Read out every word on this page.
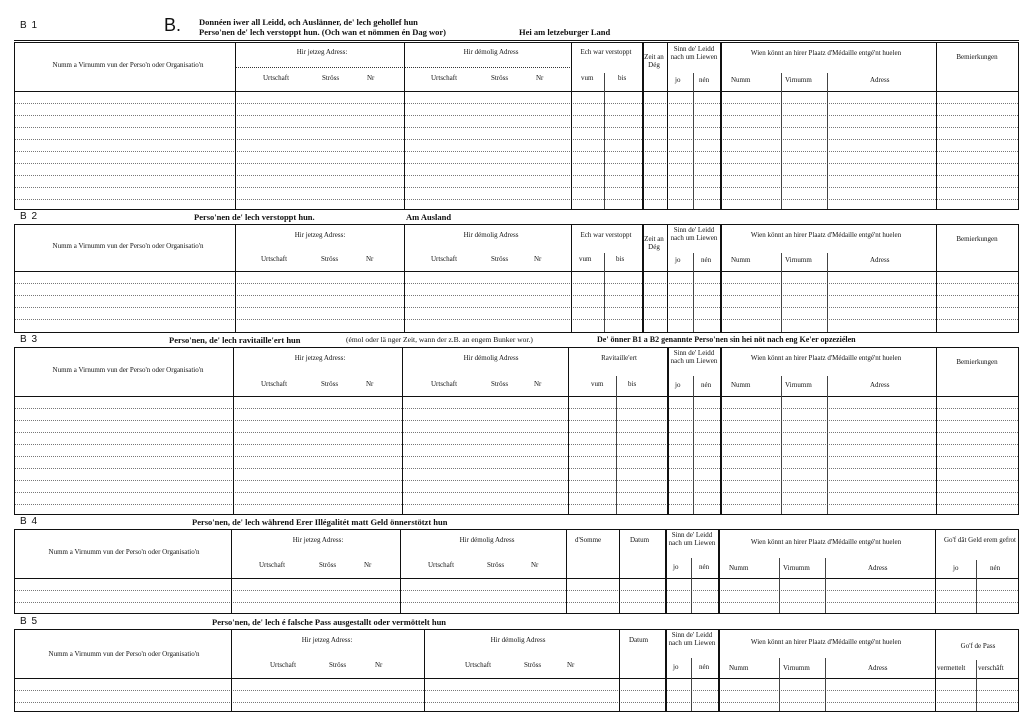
B 1	B. Donnéen iwer all Leidd, och Auslänner, de' lech gehollef hun
Perso'nen de' lech verstoppt hun. (Och wan et nömmen én Dag wor)	Hei am letzeburger Land
Numm a Virnumm vun der Perso'n oder Organisatio'n
Hir jetzeg Adress:
Urtschaft	Ströss	Nr
Hir démolig Adress
Urtschaft	Ströss	Nr
Ech war verstoppt
vum	bis
Zeit an Dég
Sinn de' Leidd nach um Liewen
jo	nén
Wien könnt an hirer Plaatz d'Médaille entgé'nt huelen
Numm	Virnumm	Adress
Bemierkungen
B 2	Perso'nen de' lech verstoppt hun.	Am Ausland
Numm a Virnumm vun der Perso'n oder Organisatio'n
Hir jetzeg Adress:
Urtschaft	Ströss	Nr
Hir démolig Adress
Urtschaft	Ströss	Nr
Ech war verstoppt
vum	bis
Zeit an Dég
Sinn de' Leidd nach um Liewen
jo	nén
Wien könnt an hirer Plaatz d'Médaille entgé'nt huelen
Numm	Virnumm	Adress
Bemierkungen
B 3	Perso'nen, de' lech ravitaille'ert hun	(émol oder lä nger Zeit, wann der z.B. an engem Bunker wor.)	De' önner B1 a B2 genannte Perso'nen sin hei nöt nach eng Ke'er opzeziélen
Numm a Virnumm vun der Perso'n oder Organisatio'n
Hir jetzeg Adress:
Urtschaft	Ströss	Nr
Hir démolig Adress
Urtschaft	Ströss	Nr
Ravitaille'ert
vum	bis
Sinn de' Leidd nach um Liewen
jo	nén
Wien könnt an hirer Plaatz d'Médaille entgé'nt huelen
Numm	Virnumm	Adress
Bemierkungen
B 4	Perso'nen, de' lech während Erer Illégalitét matt Geld önnerstötzt hun
Numm a Virnumm vun der Perso'n oder Organisatio'n
Hir jetzeg Adress:
Urtschaft	Ströss	Nr
Hir démolig Adress
Urtschaft	Ströss	Nr
d'Somme	Datum
Sinn de' Leidd nach um Liewen
jo	nén
Wien könnt an hirer Plaatz d'Médaille entgé'nt huelen
Numm	Virnumm	Adress
Go'f dât Geld erem gefrot
jo	nén
B 5	Perso'nen, de' lech é falsche Pass ausgestallt oder vermöttelt hun
Numm a Virnumm vun der Perso'n oder Organisatio'n
Hir jetzeg Adress:
Urtschaft	Ströss	Nr
Hir démolig Adress
Urtschaft	Ströss	Nr
Datum
Sinn de' Leidd nach um Liewen
jo	nén
Wien könnt an hirer Plaatz d'Médaille entgé'nt huelen
Numm	Virnumm	Adress
Go'f de Pass
vermettelt verschâft
